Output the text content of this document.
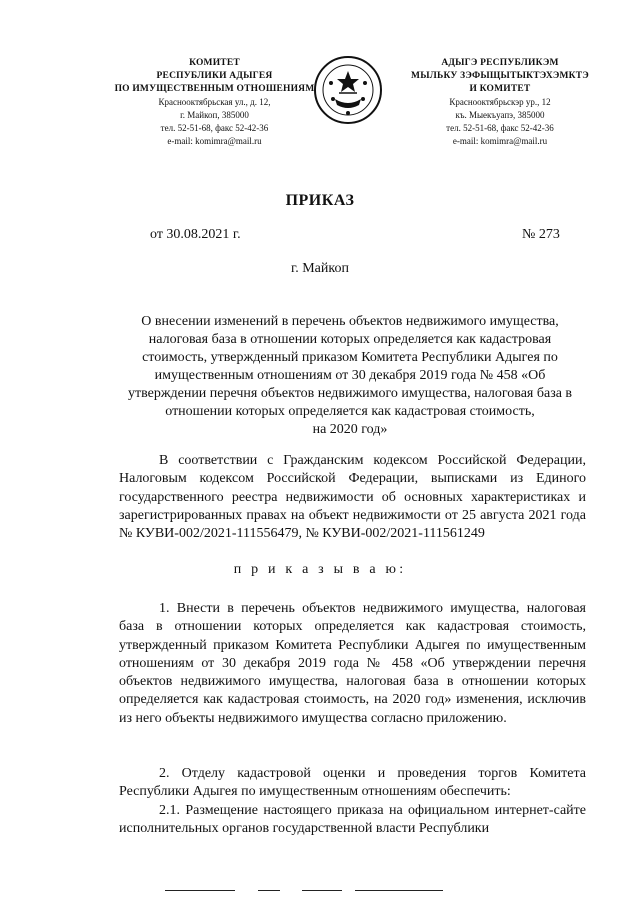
КОМИТЕТ
РЕСПУБЛИКИ АДЫГЕЯ
ПО ИМУЩЕСТВЕННЫМ ОТНОШЕНИЯМ
Краснооктябрьская ул., д. 12,
г. Майкоп, 385000
тел. 52-51-68, факс 52-42-36
e-mail: komimra@mail.ru
АДЫГЭ РЕСПУБЛИКЭМ
МЫЛЬКУ ЗЭФЫЩЫТЫКТЭХЭМКТЭ
И КОМИТЕТ
Краснооктябрьскэр ур., 12
къ. Мыекъуапэ, 385000
тел. 52-51-68, факс 52-42-36
e-mail: komimra@mail.ru
ПРИКАЗ
от 30.08.2021 г.	№ 273
г. Майкоп
О внесении изменений в перечень объектов недвижимого имущества,
налоговая база в отношении которых определяется как кадастровая
стоимость, утвержденный приказом Комитета Республики Адыгея по
имущественным отношениям от 30 декабря 2019 года № 458 «Об
утверждении перечня объектов недвижимого имущества, налоговая база в
отношении которых определяется как кадастровая стоимость,
на 2020 год»
В соответствии с Гражданским кодексом Российской Федерации, Налоговым кодексом Российской Федерации, выписками из Единого государственного реестра недвижимости об основных характеристиках и зарегистрированных правах на объект недвижимости от 25 августа 2021 года № КУВИ-002/2021-111556479, № КУВИ-002/2021-111561249
п р и к а з ы в а ю:
1. Внести в перечень объектов недвижимого имущества, налоговая база в отношении которых определяется как кадастровая стоимость, утвержденный приказом Комитета Республики Адыгея по имущественным отношениям от 30 декабря 2019 года № 458 «Об утверждении перечня объектов недвижимого имущества, налоговая база в отношении которых определяется как кадастровая стоимость, на 2020 год» изменения, исключив из него объекты недвижимого имущества согласно приложению.
2. Отделу кадастровой оценки и проведения торгов Комитета Республики Адыгея по имущественным отношениям обеспечить:
2.1. Размещение настоящего приказа на официальном интернет-сайте исполнительных органов государственной власти Республики
